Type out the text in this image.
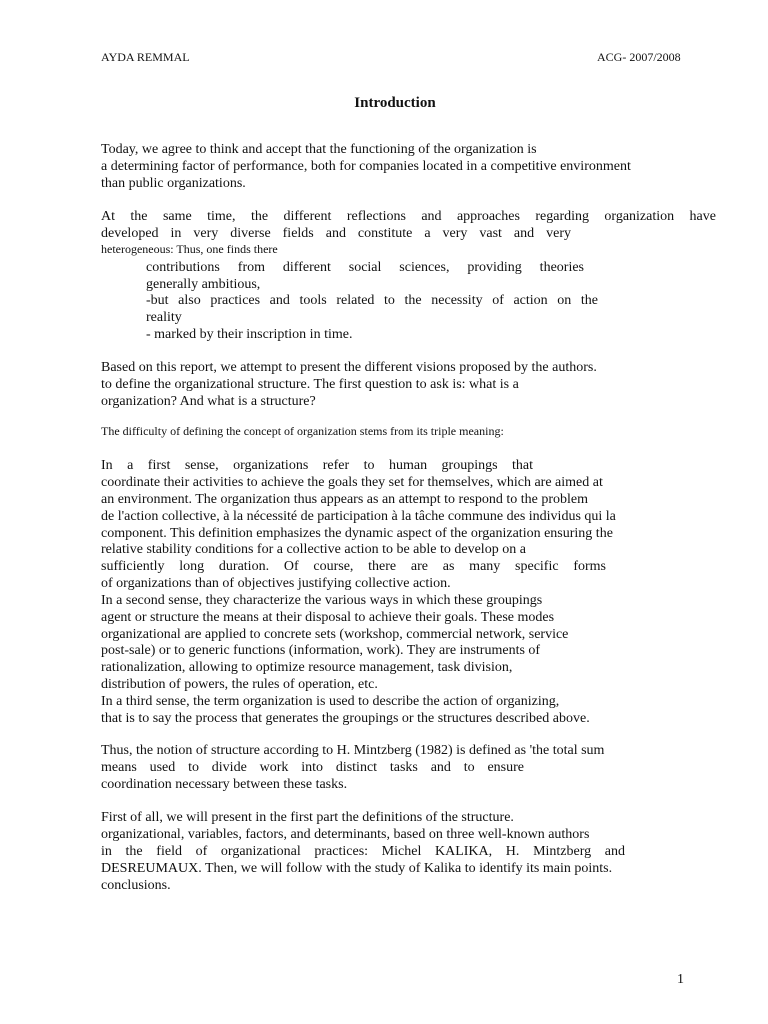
AYDA REMMAL	ACG- 2007/2008
Introduction
Today, we agree to think and accept that the functioning of the organization is
a determining factor of performance, both for companies located in a competitive environment
than public organizations.
At the same time, the different reflections and approaches regarding organization have
developed in very diverse fields and constitute a very vast and very
heterogeneous: Thus, one finds there
contributions from different social sciences, providing theories
generally ambitious,
-but also practices and tools related to the necessity of action on the
reality
- marked by their inscription in time.
Based on this report, we attempt to present the different visions proposed by the authors.
to define the organizational structure. The first question to ask is: what is a
organization? And what is a structure?
The difficulty of defining the concept of organization stems from its triple meaning:
In a first sense, organizations refer to human groupings that
coordinate their activities to achieve the goals they set for themselves, which are aimed at
an environment. The organization thus appears as an attempt to respond to the problem
de l'action collective, à la nécessité de participation à la tâche commune des individus qui la
component. This definition emphasizes the dynamic aspect of the organization ensuring the
relative stability conditions for a collective action to be able to develop on a
sufficiently long duration. Of course, there are as many specific forms
of organizations than of objectives justifying collective action.
In a second sense, they characterize the various ways in which these groupings
agent or structure the means at their disposal to achieve their goals. These modes
organizational are applied to concrete sets (workshop, commercial network, service
post-sale) or to generic functions (information, work). They are instruments of
rationalization, allowing to optimize resource management, task division,
distribution of powers, the rules of operation, etc.
In a third sense, the term organization is used to describe the action of organizing,
that is to say the process that generates the groupings or the structures described above.
Thus, the notion of structure according to H. Mintzberg (1982) is defined as 'the total sum
means used to divide work into distinct tasks and to ensure
coordination necessary between these tasks.
First of all, we will present in the first part the definitions of the structure.
organizational, variables, factors, and determinants, based on three well-known authors
in the field of organizational practices: Michel KALIKA, H. Mintzberg and
DESREUMAUX. Then, we will follow with the study of Kalika to identify its main points.
conclusions.
1
